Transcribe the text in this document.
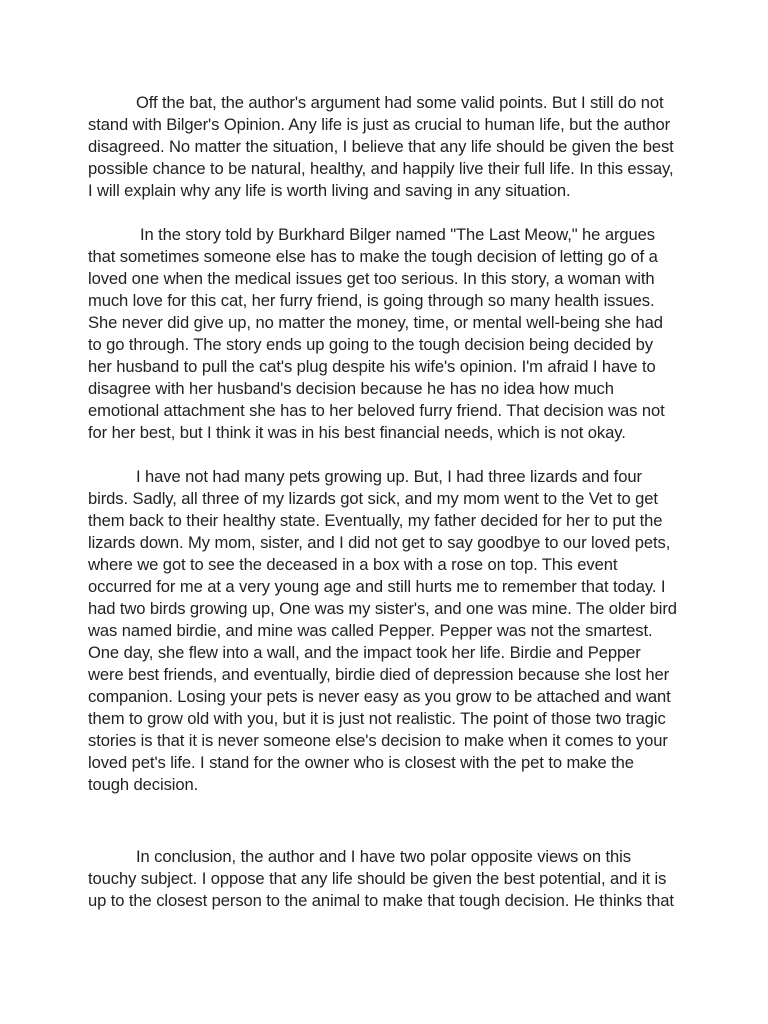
Off the bat, the author's argument had some valid points. But I still do not
stand with Bilger's Opinion. Any life is just as crucial to human life, but the author
disagreed. No matter the situation, I believe that any life should be given the best
possible chance to be natural, healthy, and happily live their full life. In this essay,
I will explain why any life is worth living and saving in any situation.
In the story told by Burkhard Bilger named "The Last Meow," he argues
that sometimes someone else has to make the tough decision of letting go of a
loved one when the medical issues get too serious. In this story, a woman with
much love for this cat, her furry friend, is going through so many health issues.
She never did give up, no matter the money, time, or mental well-being she had
to go through. The story ends up going to the tough decision being decided by
her husband to pull the cat's plug despite his wife's opinion. I'm afraid I have to
disagree with her husband's decision because he has no idea how much
emotional attachment she has to her beloved furry friend. That decision was not
for her best, but I think it was in his best financial needs, which is not okay.
I have not had many pets growing up. But, I had three lizards and four
birds. Sadly, all three of my lizards got sick, and my mom went to the Vet to get
them back to their healthy state. Eventually, my father decided for her to put the
lizards down. My mom, sister, and I did not get to say goodbye to our loved pets,
where we got to see the deceased in a box with a rose on top. This event
occurred for me at a very young age and still hurts me to remember that today. I
had two birds growing up, One was my sister's, and one was mine. The older bird
was named birdie, and mine was called Pepper. Pepper was not the smartest.
One day, she flew into a wall, and the impact took her life. Birdie and Pepper
were best friends, and eventually, birdie died of depression because she lost her
companion. Losing your pets is never easy as you grow to be attached and want
them to grow old with you, but it is just not realistic. The point of those two tragic
stories is that it is never someone else's decision to make when it comes to your
loved pet's life. I stand for the owner who is closest with the pet to make the
tough decision.
In conclusion, the author and I have two polar opposite views on this
touchy subject. I oppose that any life should be given the best potential, and it is
up to the closest person to the animal to make that tough decision. He thinks that
